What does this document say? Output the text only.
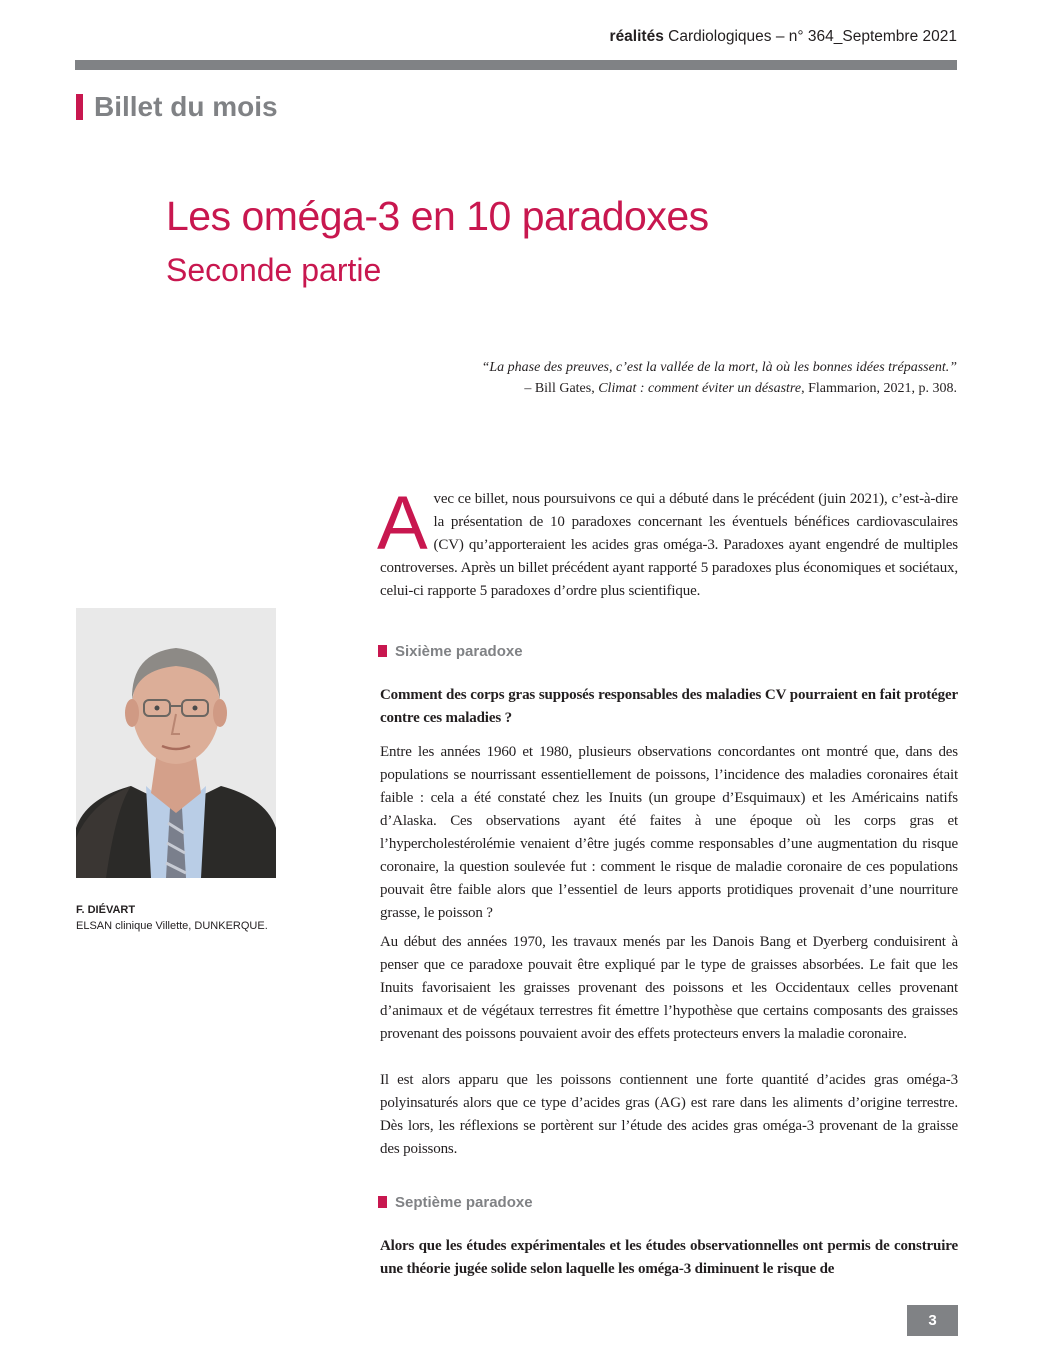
réalités Cardiologiques – n° 364_Septembre 2021
Billet du mois
Les oméga-3 en 10 paradoxes
Seconde partie
“La phase des preuves, c’est la vallée de la mort, là où les bonnes idées trépassent.”
– Bill Gates, Climat : comment éviter un désastre, Flammarion, 2021, p. 308.
F. DIÉVART
ELSAN clinique Villette, DUNKERQUE.

Avec ce billet, nous poursuivons ce qui a débuté dans le précédent (juin 2021), c’est-à-dire la présentation de 10 paradoxes concernant les éventuels bénéfices cardiovasculaires (CV) qu’apporteraient les acides gras oméga-3. Paradoxes ayant engendré de multiples controverses. Après un billet précédent ayant rapporté 5 paradoxes plus économiques et sociétaux, celui-ci rapporte 5 paradoxes d’ordre plus scientifique.

Sixième paradoxe

Comment des corps gras supposés responsables des maladies CV pourraient en fait protéger contre ces maladies ?

Entre les années 1960 et 1980, plusieurs observations concordantes ont montré que, dans des populations se nourrissant essentiellement de poissons, l’incidence des maladies coronaires était faible : cela a été constaté chez les Inuits (un groupe d’Esquimaux) et les Américains natifs d’Alaska. Ces observations ayant été faites à une époque où les corps gras et l’hypercholestérolémie venaient d’être jugés comme responsables d’une augmentation du risque coronaire, la question soulevée fut : comment le risque de maladie coronaire de ces populations pouvait être faible alors que l’essentiel de leurs apports protidiques provenait d’une nourriture grasse, le poisson ?

Au début des années 1970, les travaux menés par les Danois Bang et Dyerberg conduisirent à penser que ce paradoxe pouvait être expliqué par le type de graisses absorbées. Le fait que les Inuits favorisaient les graisses provenant des poissons et les Occidentaux celles provenant d’animaux et de végétaux terrestres fit émettre l’hypothèse que certains composants des graisses provenant des poissons pouvaient avoir des effets protecteurs envers la maladie coronaire.

Il est alors apparu que les poissons contiennent une forte quantité d’acides gras oméga-3 polyinsaturés alors que ce type d’acides gras (AG) est rare dans les aliments d’origine terrestre. Dès lors, les réflexions se portèrent sur l’étude des acides gras oméga-3 provenant de la graisse des poissons.

Septième paradoxe

Alors que les études expérimentales et les études observationnelles ont permis de construire une théorie jugée solide selon laquelle les oméga-3 diminuent le risque de

3
